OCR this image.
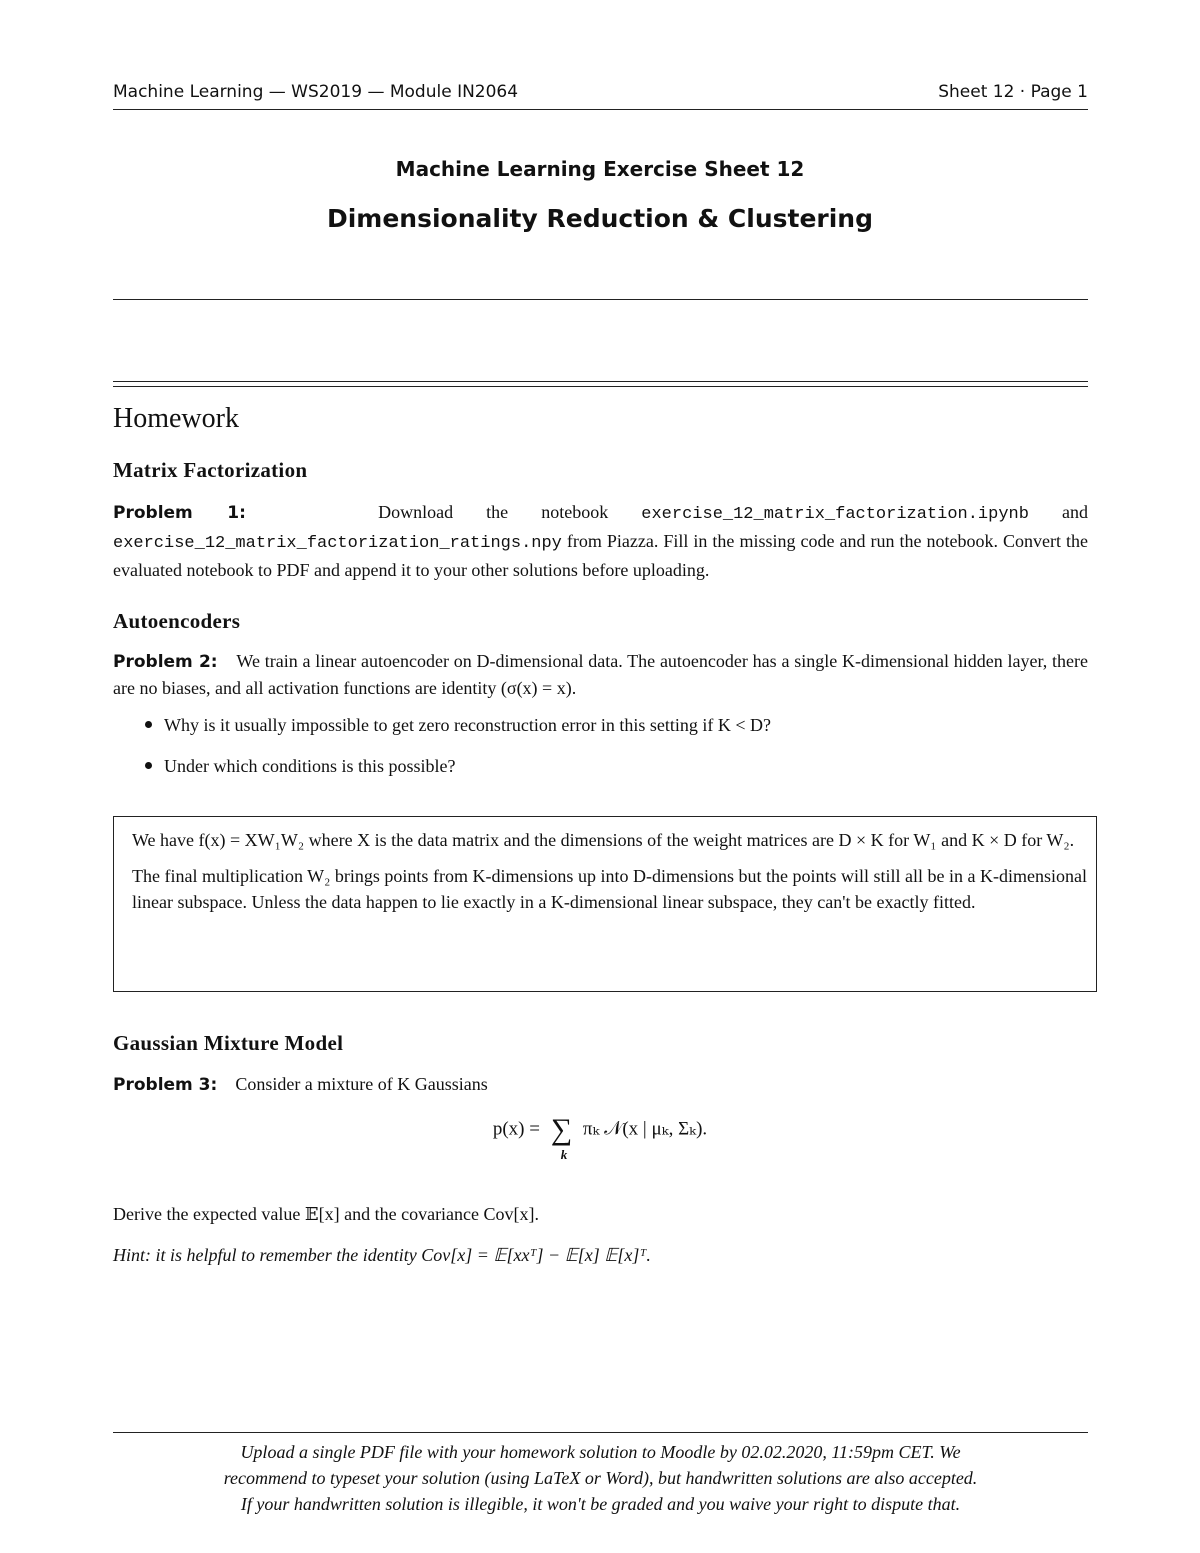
Machine Learning — WS2019 — Module IN2064	Sheet 12 · Page 1
Machine Learning Exercise Sheet 12
Dimensionality Reduction & Clustering
Homework
Matrix Factorization
Problem 1:	Download the notebook exercise_12_matrix_factorization.ipynb and exercise_12_matrix_factorization_ratings.npy from Piazza. Fill in the missing code and run the notebook. Convert the evaluated notebook to PDF and append it to your other solutions before uploading.
Autoencoders
Problem 2: We train a linear autoencoder on D-dimensional data. The autoencoder has a single K-dimensional hidden layer, there are no biases, and all activation functions are identity (σ(x) = x).
Why is it usually impossible to get zero reconstruction error in this setting if K < D?
Under which conditions is this possible?

We have f(x) = XW₁W₂ where X is the data matrix and the dimensions of the weight matrices are D × K for W₁ and K × D for W₂.

The final multiplication W₂ brings points from K-dimensions up into D-dimensions but the points will still all be in a K-dimensional linear subspace. Unless the data happen to lie exactly in a K-dimensional linear subspace, they can't be exactly fitted.

Gaussian Mixture Model
Problem 3: Consider a mixture of K Gaussians
p(x) = ∑
k
πₖ 𝒩(x | μₖ, Σₖ).
Derive the expected value 𝔼[x] and the covariance Cov[x].
Hint: it is helpful to remember the identity Cov[x] = 𝔼[xxᵀ] − 𝔼[x] 𝔼[x]ᵀ.
Upload a single PDF file with your homework solution to Moodle by 02.02.2020, 11:59pm CET. We
recommend to typeset your solution (using LaTeX or Word), but handwritten solutions are also accepted.
If your handwritten solution is illegible, it won't be graded and you waive your right to dispute that.
